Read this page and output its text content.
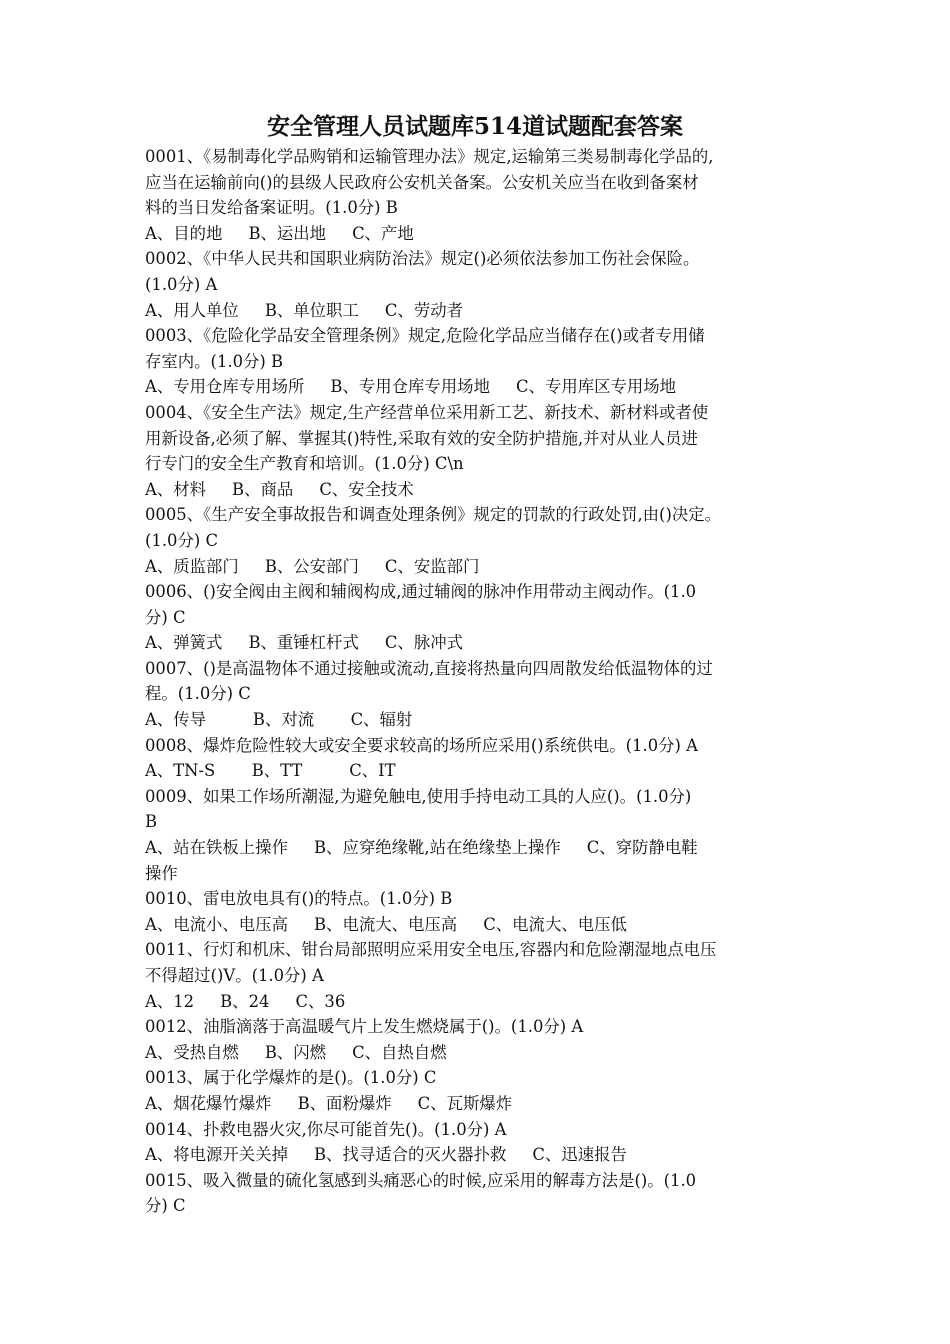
安全管理人员试题库514道试题配套答案
0001、《易制毒化学品购销和运输管理办法》规定,运输第三类易制毒化学品的,
应当在运输前向()的县级人民政府公安机关备案。公安机关应当在收到备案材
料的当日发给备案证明。(1.0分) B
A、目的地     B、运出地     C、产地
0002、《中华人民共和国职业病防治法》规定()必须依法参加工伤社会保险。
(1.0分) A
A、用人单位     B、单位职工     C、劳动者
0003、《危险化学品安全管理条例》规定,危险化学品应当储存在()或者专用储
存室内。(1.0分) B
A、专用仓库专用场所     B、专用仓库专用场地     C、专用库区专用场地
0004、《安全生产法》规定,生产经营单位采用新工艺、新技术、新材料或者使
用新设备,必须了解、掌握其()特性,采取有效的安全防护措施,并对从业人员进
行专门的安全生产教育和培训。(1.0分) C\n
A、材料     B、商品     C、安全技术
0005、《生产安全事故报告和调查处理条例》规定的罚款的行政处罚,由()决定。
(1.0分) C
A、质监部门     B、公安部门     C、安监部门
0006、()安全阀由主阀和辅阀构成,通过辅阀的脉冲作用带动主阀动作。(1.0
分) C
A、弹簧式     B、重锤杠杆式     C、脉冲式
0007、()是高温物体不通过接触或流动,直接将热量向四周散发给低温物体的过
程。(1.0分) C
A、传导         B、对流       C、辐射
0008、爆炸危险性较大或安全要求较高的场所应采用()系统供电。(1.0分) A
A、TN-S       B、TT         C、IT
0009、如果工作场所潮湿,为避免触电,使用手持电动工具的人应()。(1.0分)
B
A、站在铁板上操作     B、应穿绝缘靴,站在绝缘垫上操作     C、穿防静电鞋
操作
0010、雷电放电具有()的特点。(1.0分) B
A、电流小、电压高     B、电流大、电压高     C、电流大、电压低
0011、行灯和机床、钳台局部照明应采用安全电压,容器内和危险潮湿地点电压
不得超过()V。(1.0分) A
A、12     B、24     C、36
0012、油脂滴落于高温暖气片上发生燃烧属于()。(1.0分) A
A、受热自燃     B、闪燃     C、自热自燃
0013、属于化学爆炸的是()。(1.0分) C
A、烟花爆竹爆炸     B、面粉爆炸     C、瓦斯爆炸
0014、扑救电器火灾,你尽可能首先()。(1.0分) A
A、将电源开关关掉     B、找寻适合的灭火器扑救     C、迅速报告
0015、吸入微量的硫化氢感到头痛恶心的时候,应采用的解毒方法是()。(1.0
分) C
